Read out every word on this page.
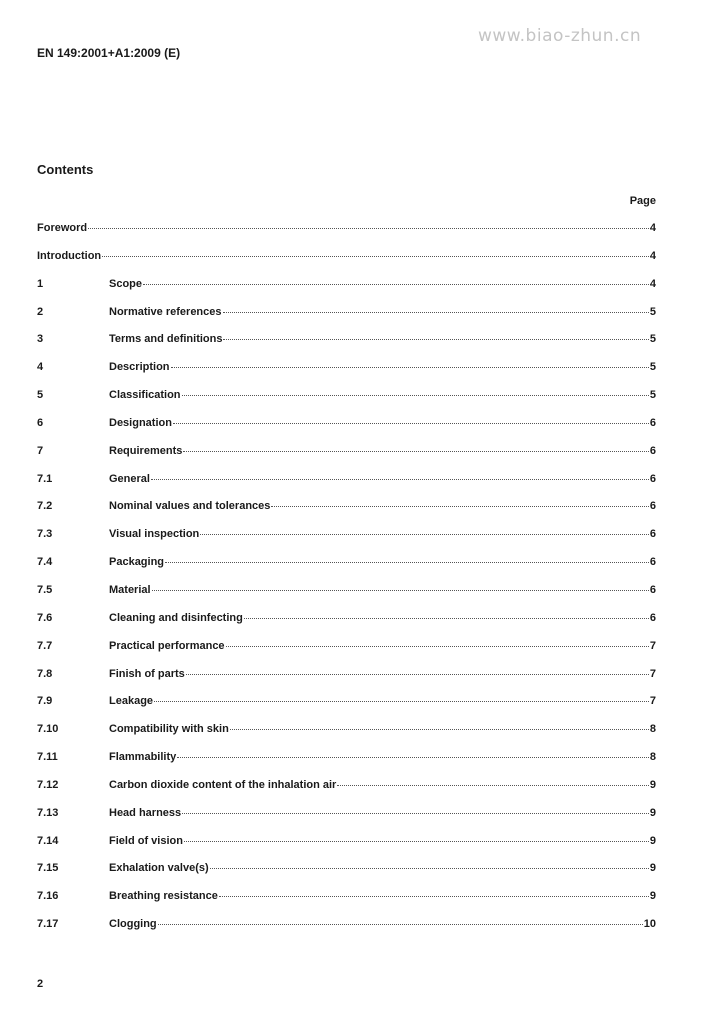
www.biao-zhun.cn
EN 149:2001+A1:2009 (E)
Contents
Page
Foreword	4
Introduction	4
1	Scope	4
2	Normative references	5
3	Terms and definitions	5
4	Description	5
5	Classification	5
6	Designation	6
7	Requirements	6
7.1	General	6
7.2	Nominal values and tolerances	6
7.3	Visual inspection	6
7.4	Packaging	6
7.5	Material	6
7.6	Cleaning and disinfecting	6
7.7	Practical performance	7
7.8	Finish of parts	7
7.9	Leakage	7
7.10	Compatibility with skin	8
7.11	Flammability	8
7.12	Carbon dioxide content of the inhalation air	9
7.13	Head harness	9
7.14	Field of vision	9
7.15	Exhalation valve(s)	9
7.16	Breathing resistance	9
7.17	Clogging	10
2
